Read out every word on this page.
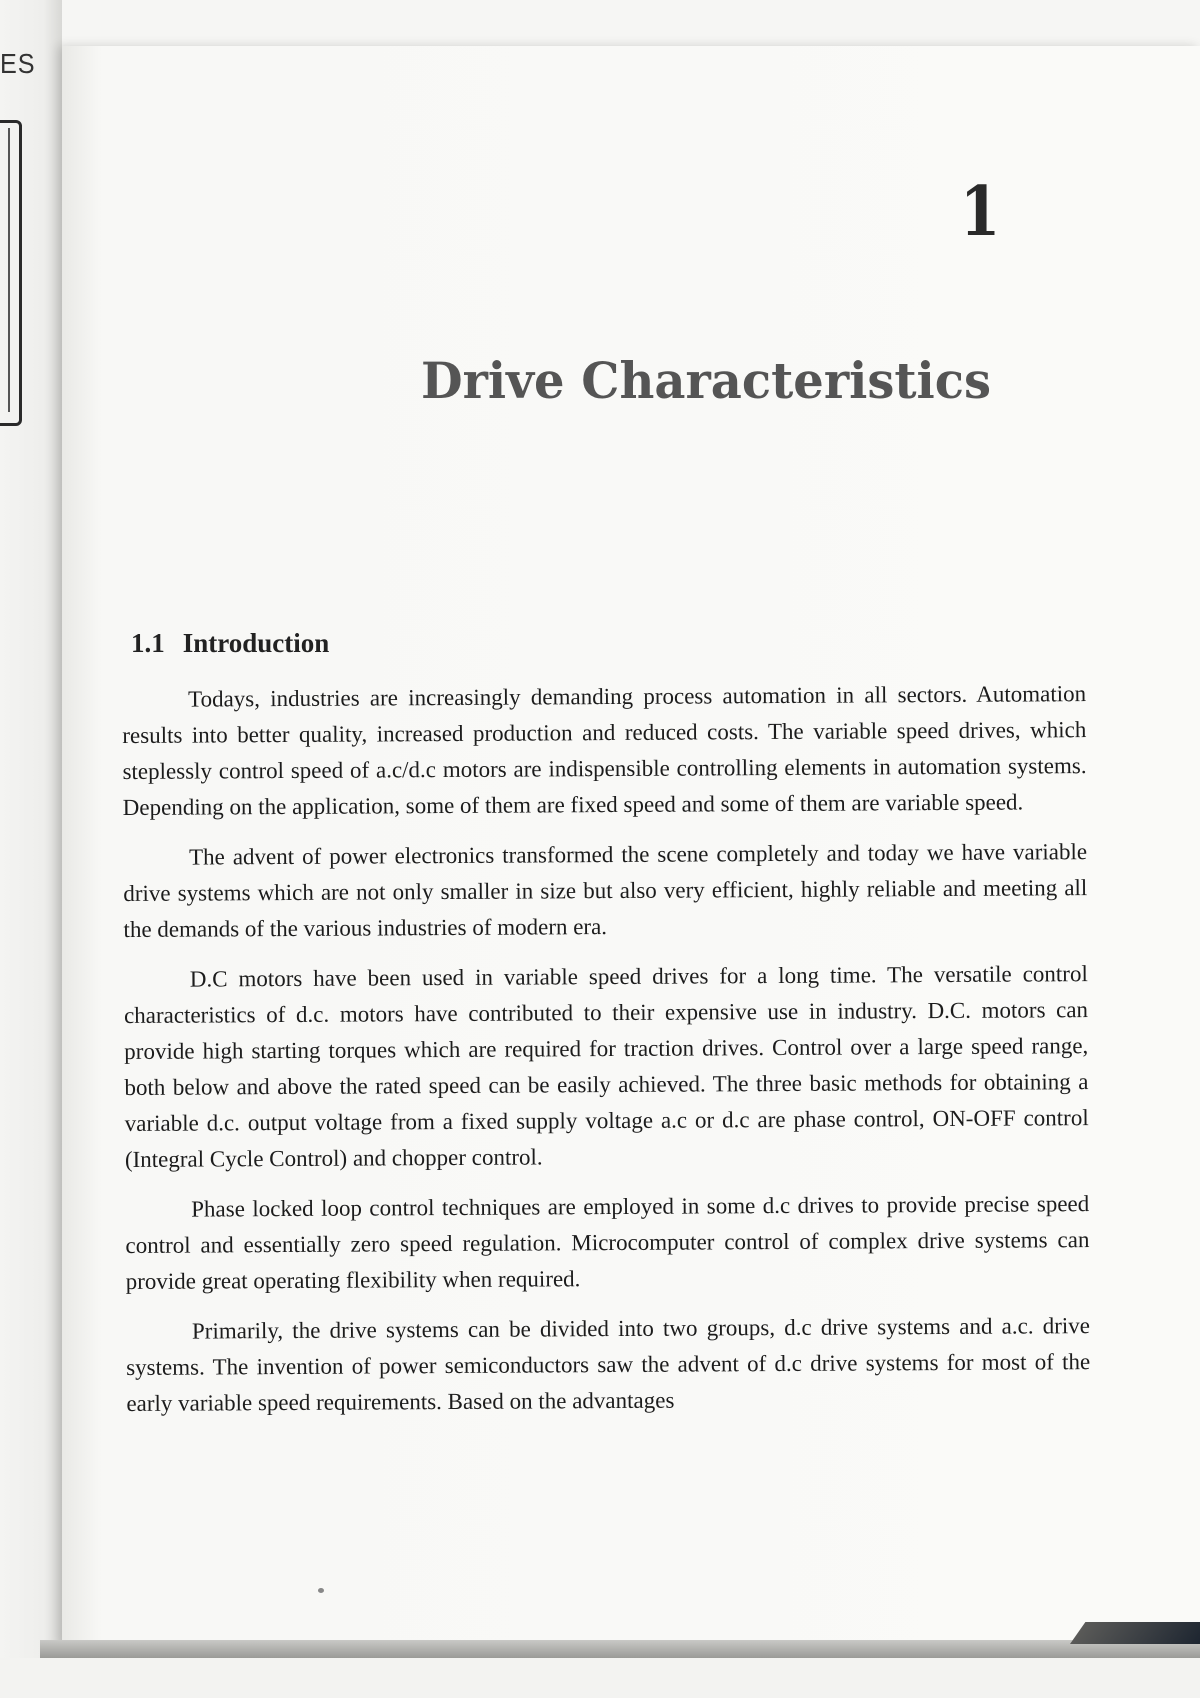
ES
1
Drive Characteristics
1.1 Introduction

Todays, industries are increasingly demanding process automation in all sectors. Automation results into better quality, increased production and reduced costs. The variable speed drives, which steplessly control speed of a.c/d.c motors are indispensible controlling elements in automation systems. Depending on the application, some of them are fixed speed and some of them are variable speed.

The advent of power electronics transformed the scene completely and today we have variable drive systems which are not only smaller in size but also very efficient, highly reliable and meeting all the demands of the various industries of modern era.

D.C motors have been used in variable speed drives for a long time. The versatile control characteristics of d.c. motors have contributed to their expensive use in industry. D.C. motors can provide high starting torques which are required for traction drives. Control over a large speed range, both below and above the rated speed can be easily achieved. The three basic methods for obtaining a variable d.c. output voltage from a fixed supply voltage a.c or d.c are phase control, ON-OFF control (Integral Cycle Control) and chopper control.

Phase locked loop control techniques are employed in some d.c drives to provide precise speed control and essentially zero speed regulation. Microcomputer control of complex drive systems can provide great operating flexibility when required.

Primarily, the drive systems can be divided into two groups, d.c drive systems and a.c. drive systems. The invention of power semiconductors saw the advent of d.c drive systems for most of the early variable speed requirements. Based on the advantages
